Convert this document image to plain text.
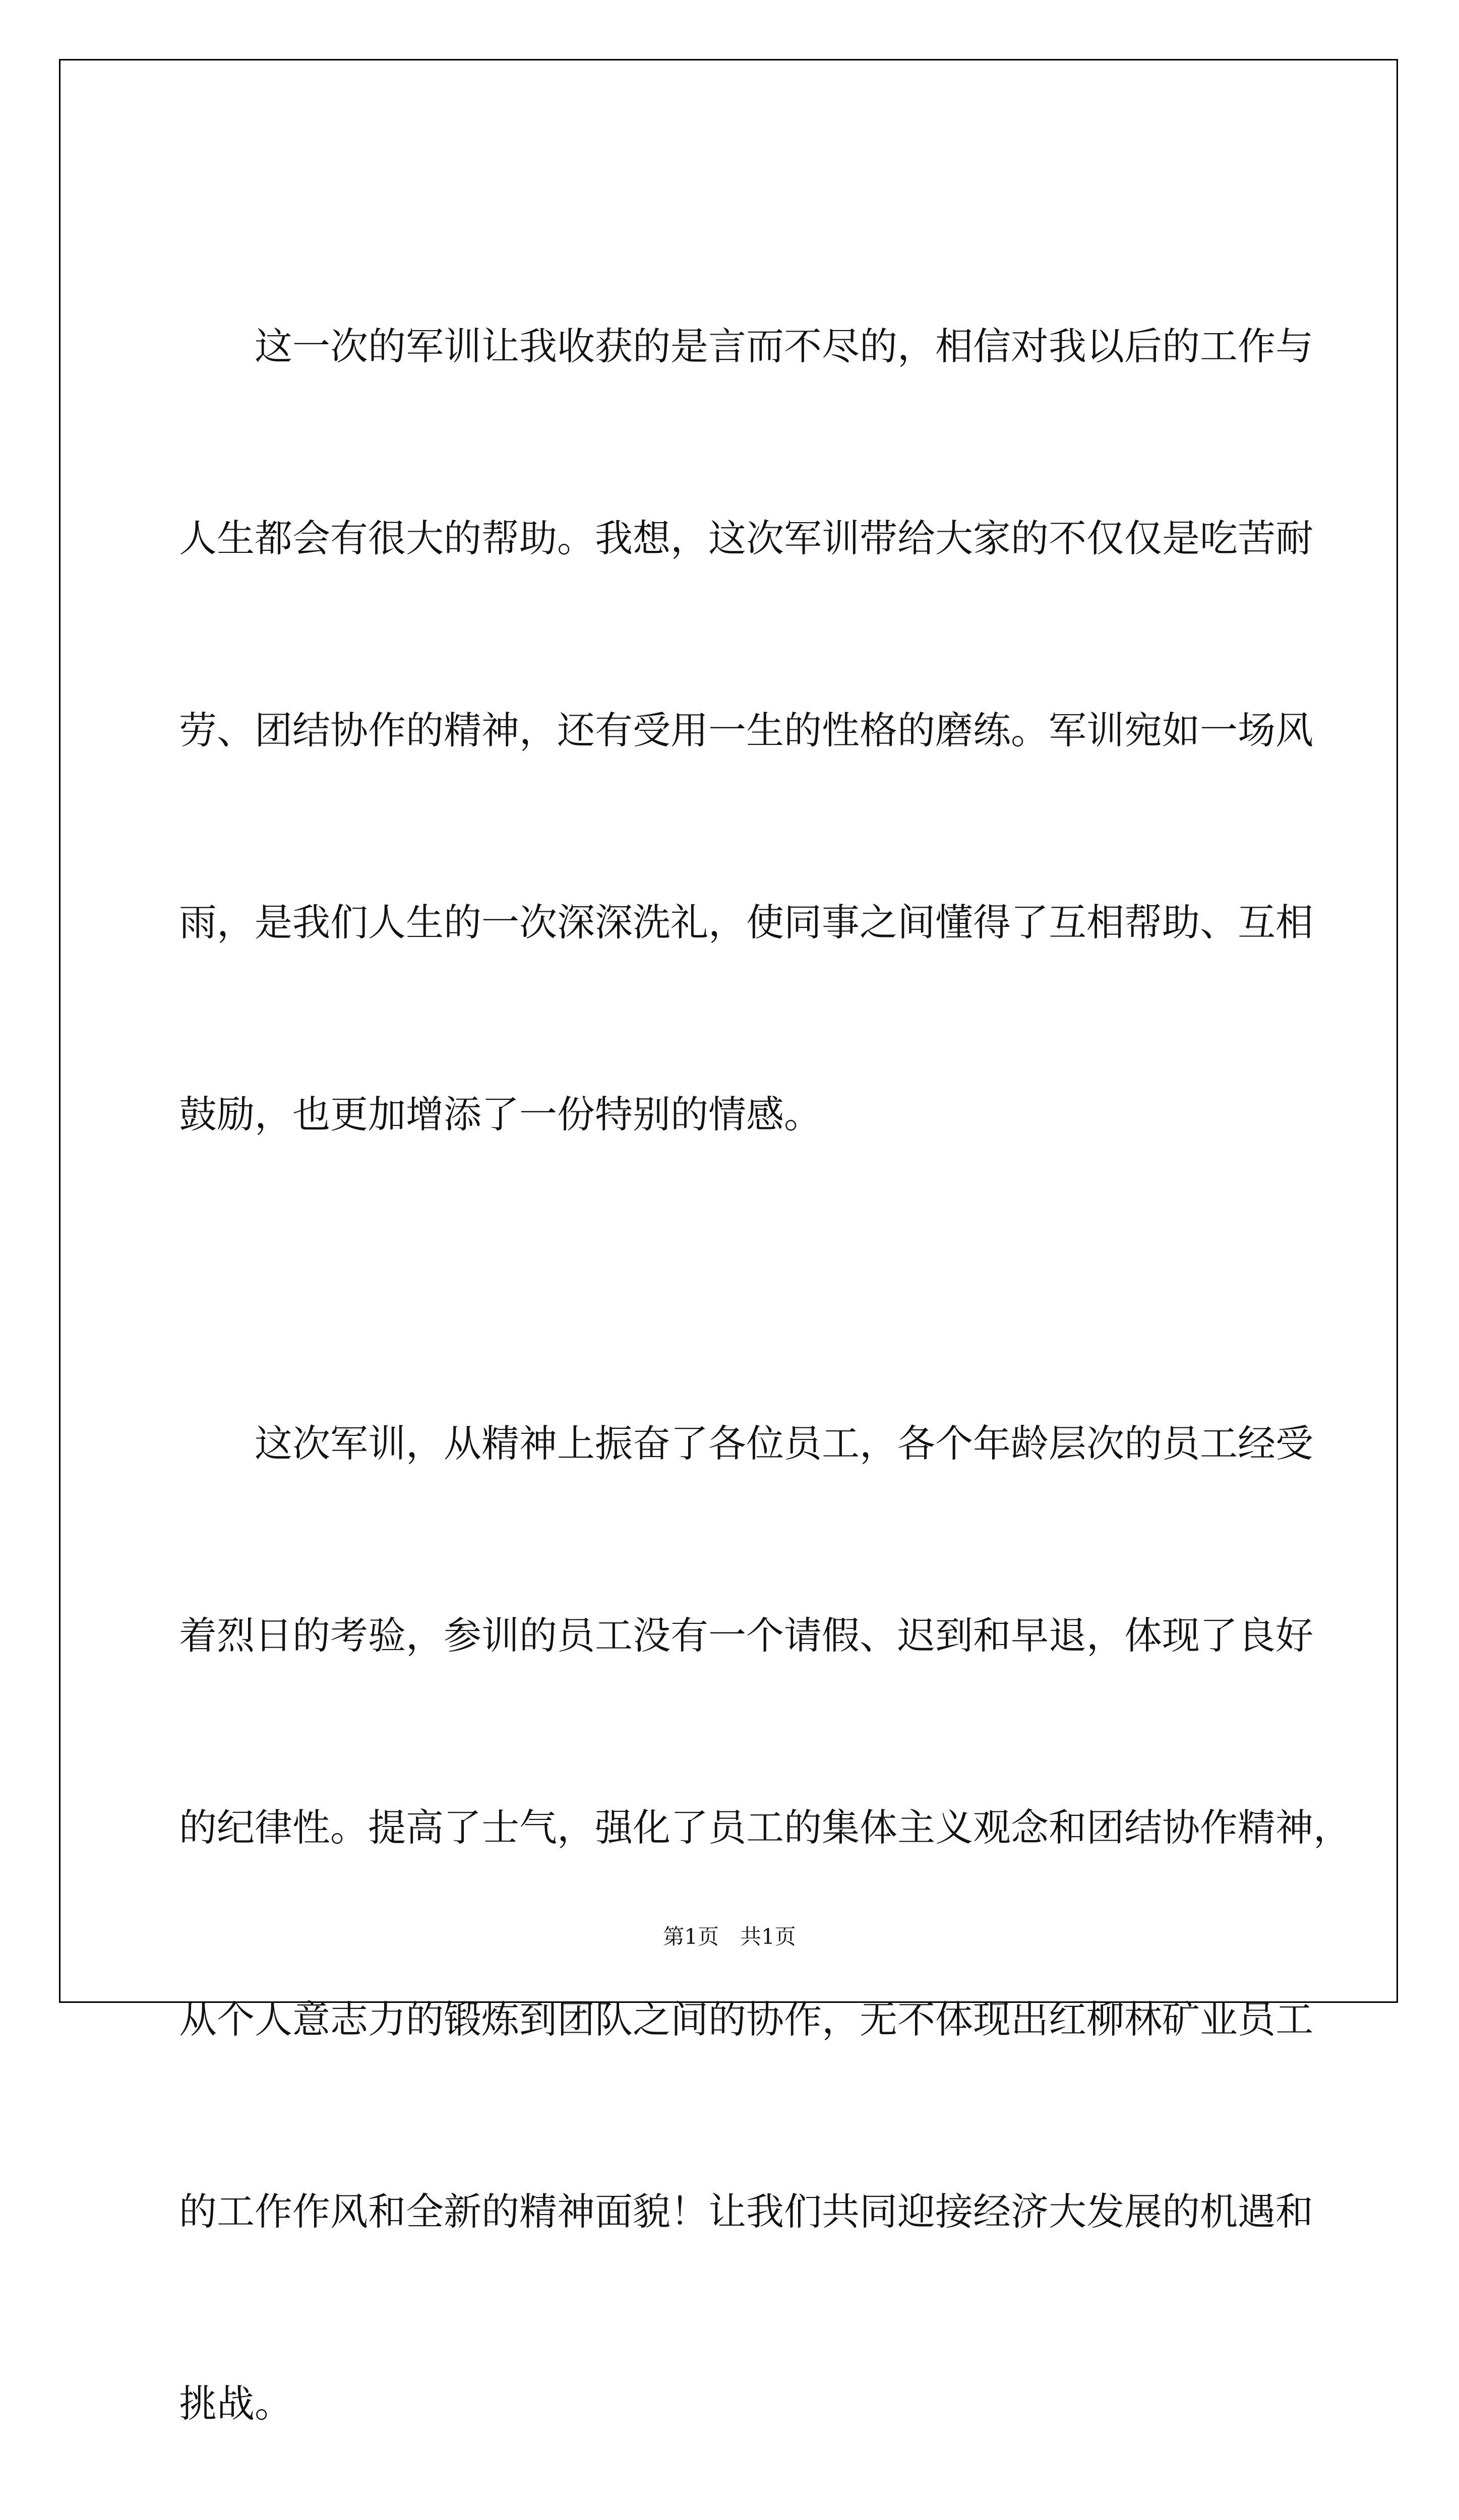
这一次的军训让我收获的是言而不尽的，相信对我以后的工作与

人生都会有很大的帮助。我想，这次军训带给大家的不仅仅是吃苦耐

劳、团结协作的精神，还有受用一生的性格的磨练。军训宛如一场风

雨，是我们人生的一次深深洗礼，使同事之间懂得了互相帮助、互相

鼓励，也更加增添了一份特别的情感。

这次军训，从精神上振奋了各位员工，各个年龄层次的员工经受

着烈日的考验，参训的员工没有一个请假、迟到和早退，体现了良好

的纪律性。提高了士气，强化了员工的集体主义观念和团结协作精神，

从个人意志力的锻炼到团队之间的协作，无不体现出红柳林矿业员工

的工作作风和全新的精神面貌！让我们共同迎接经济大发展的机遇和

挑战。

第1页　共1页
